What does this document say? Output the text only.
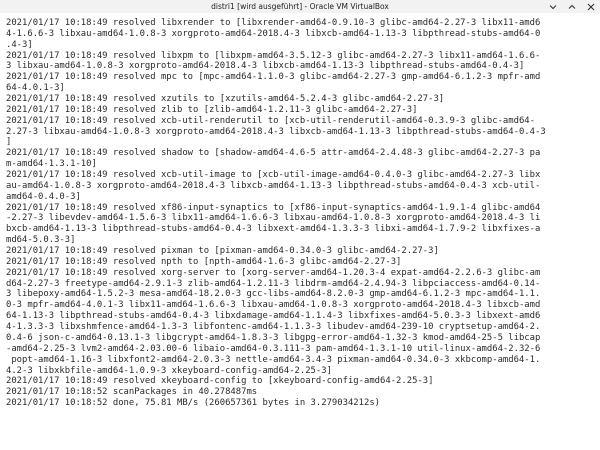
distri1 [wird ausgeführt] - Oracle VM VirtualBox
2021/01/17 10:18:49 resolved libxrender to [libxrender-amd64-0.9.10-3 glibc-amd64-2.27-3 libx11-amd6
4-1.6.6-3 libxau-amd64-1.0.8-3 xorgproto-amd64-2018.4-3 libxcb-amd64-1.13-3 libpthread-stubs-amd64-0
.4-3]
2021/01/17 10:18:49 resolved libxpm to [libxpm-amd64-3.5.12-3 glibc-amd64-2.27-3 libx11-amd64-1.6.6-
3 libxau-amd64-1.0.8-3 xorgproto-amd64-2018.4-3 libxcb-amd64-1.13-3 libpthread-stubs-amd64-0.4-3]
2021/01/17 10:18:49 resolved mpc to [mpc-amd64-1.1.0-3 glibc-amd64-2.27-3 gmp-amd64-6.1.2-3 mpfr-amd
64-4.0.1-3]
2021/01/17 10:18:49 resolved xzutils to [xzutils-amd64-5.2.4-3 glibc-amd64-2.27-3]
2021/01/17 10:18:49 resolved zlib to [zlib-amd64-1.2.11-3 glibc-amd64-2.27-3]
2021/01/17 10:18:49 resolved xcb-util-renderutil to [xcb-util-renderutil-amd64-0.3.9-3 glibc-amd64-
2.27-3 libxau-amd64-1.0.8-3 xorgproto-amd64-2018.4-3 libxcb-amd64-1.13-3 libpthread-stubs-amd64-0.4-3
]
2021/01/17 10:18:49 resolved shadow to [shadow-amd64-4.6-5 attr-amd64-2.4.48-3 glibc-amd64-2.27-3 pa
m-amd64-1.3.1-10]
2021/01/17 10:18:49 resolved xcb-util-image to [xcb-util-image-amd64-0.4.0-3 glibc-amd64-2.27-3 libx
au-amd64-1.0.8-3 xorgproto-amd64-2018.4-3 libxcb-amd64-1.13-3 libpthread-stubs-amd64-0.4-3 xcb-util-
amd64-0.4.0-3]
2021/01/17 10:18:49 resolved xf86-input-synaptics to [xf86-input-synaptics-amd64-1.9.1-4 glibc-amd64
-2.27-3 libevdev-amd64-1.5.6-3 libx11-amd64-1.6.6-3 libxau-amd64-1.0.8-3 xorgproto-amd64-2018.4-3 li
bxcb-amd64-1.13-3 libpthread-stubs-amd64-0.4-3 libxext-amd64-1.3.3-3 libxi-amd64-1.7.9-2 libxfixes-a
md64-5.0.3-3]
2021/01/17 10:18:49 resolved pixman to [pixman-amd64-0.34.0-3 glibc-amd64-2.27-3]
2021/01/17 10:18:49 resolved npth to [npth-amd64-1.6-3 glibc-amd64-2.27-3]
2021/01/17 10:18:49 resolved xorg-server to [xorg-server-amd64-1.20.3-4 expat-amd64-2.2.6-3 glibc-am
d64-2.27-3 freetype-amd64-2.9.1-3 zlib-amd64-1.2.11-3 libdrm-amd64-2.4.94-3 libpciaccess-amd64-0.14-
3 libepoxy-amd64-1.5.2-3 mesa-amd64-18.2.0-3 gcc-libs-amd64-8.2.0-3 gmp-amd64-6.1.2-3 mpc-amd64-1.1.
0-3 mpfr-amd64-4.0.1-3 libx11-amd64-1.6.6-3 libxau-amd64-1.0.8-3 xorgproto-amd64-2018.4-3 libxcb-amd
64-1.13-3 libpthread-stubs-amd64-0.4-3 libxdamage-amd64-1.1.4-3 libxfixes-amd64-5.0.3-3 libxext-amd6
4-1.3.3-3 libxshmfence-amd64-1.3-3 libfontenc-amd64-1.1.3-3 libudev-amd64-239-10 cryptsetup-amd64-2.
0.4-6 json-c-amd64-0.13.1-3 libgcrypt-amd64-1.8.3-3 libgpg-error-amd64-1.32-3 kmod-amd64-25-5 libcap
-amd64-2.25-3 lvm2-amd64-2.03.00-6 libaio-amd64-0.3.111-3 pam-amd64-1.3.1-10 util-linux-amd64-2.32-6
popt-amd64-1.16-3 libxfont2-amd64-2.0.3-3 nettle-amd64-3.4-3 pixman-amd64-0.34.0-3 xkbcomp-amd64-1.
4.2-3 libxkbfile-amd64-1.0.9-3 xkeyboard-config-amd64-2.25-3]
2021/01/17 10:18:49 resolved xkeyboard-config to [xkeyboard-config-amd64-2.25-3]
2021/01/17 10:18:52 scanPackages in 40.278487ms
2021/01/17 10:18:52 done, 75.81 MB/s (260657361 bytes in 3.279034212s)
